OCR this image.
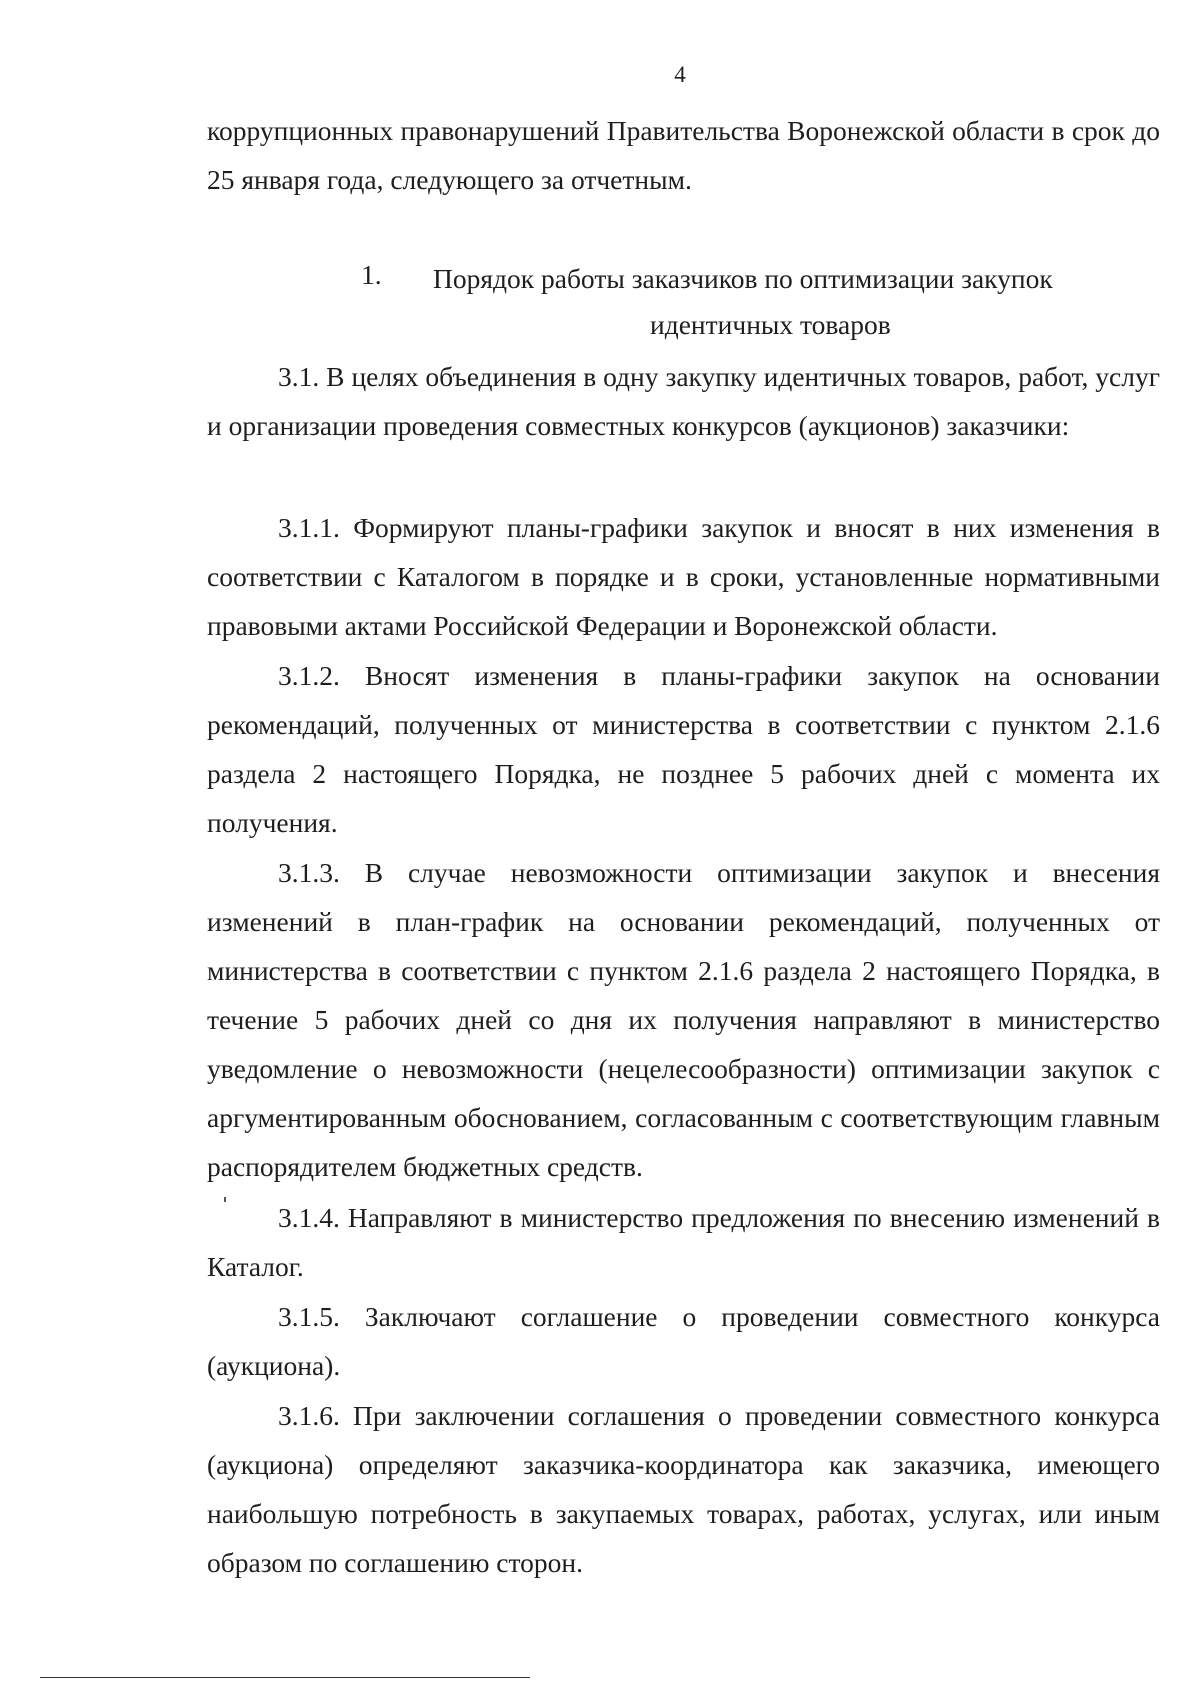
4

коррупционных правонарушений Правительства Воронежской области в срок до 25 января года, следующего за отчетным.

1. Порядок работы заказчиков по оптимизации закупок
идентичных товаров

3.1. В целях объединения в одну закупку идентичных товаров, работ, услуг и организации проведения совместных конкурсов (аукционов) заказчики:

3.1.1. Формируют планы-графики закупок и вносят в них изменения в соответствии с Каталогом в порядке и в сроки, установленные нормативными правовыми актами Российской Федерации и Воронежской области.

3.1.2. Вносят изменения в планы-графики закупок на основании рекомендаций, полученных от министерства в соответствии с пунктом 2.1.6 раздела 2 настоящего Порядка, не позднее 5 рабочих дней с момента их получения.

3.1.3. В случае невозможности оптимизации закупок и внесения изменений в план-график на основании рекомендаций, полученных от министерства в соответствии с пунктом 2.1.6 раздела 2 настоящего Порядка, в течение 5 рабочих дней со дня их получения направляют в министерство уведомление о невозможности (нецелесообразности) оптимизации закупок с аргументированным обоснованием, согласованным с соответствующим главным распорядителем бюджетных средств.

3.1.4. Направляют в министерство предложения по внесению изменений в Каталог.

3.1.5. Заключают соглашение о проведении совместного конкурса (аукциона).

3.1.6. При заключении соглашения о проведении совместного конкурса (аукциона) определяют заказчика-координатора как заказчика, имеющего наибольшую потребность в закупаемых товарах, работах, услугах, или иным образом по соглашению сторон.
